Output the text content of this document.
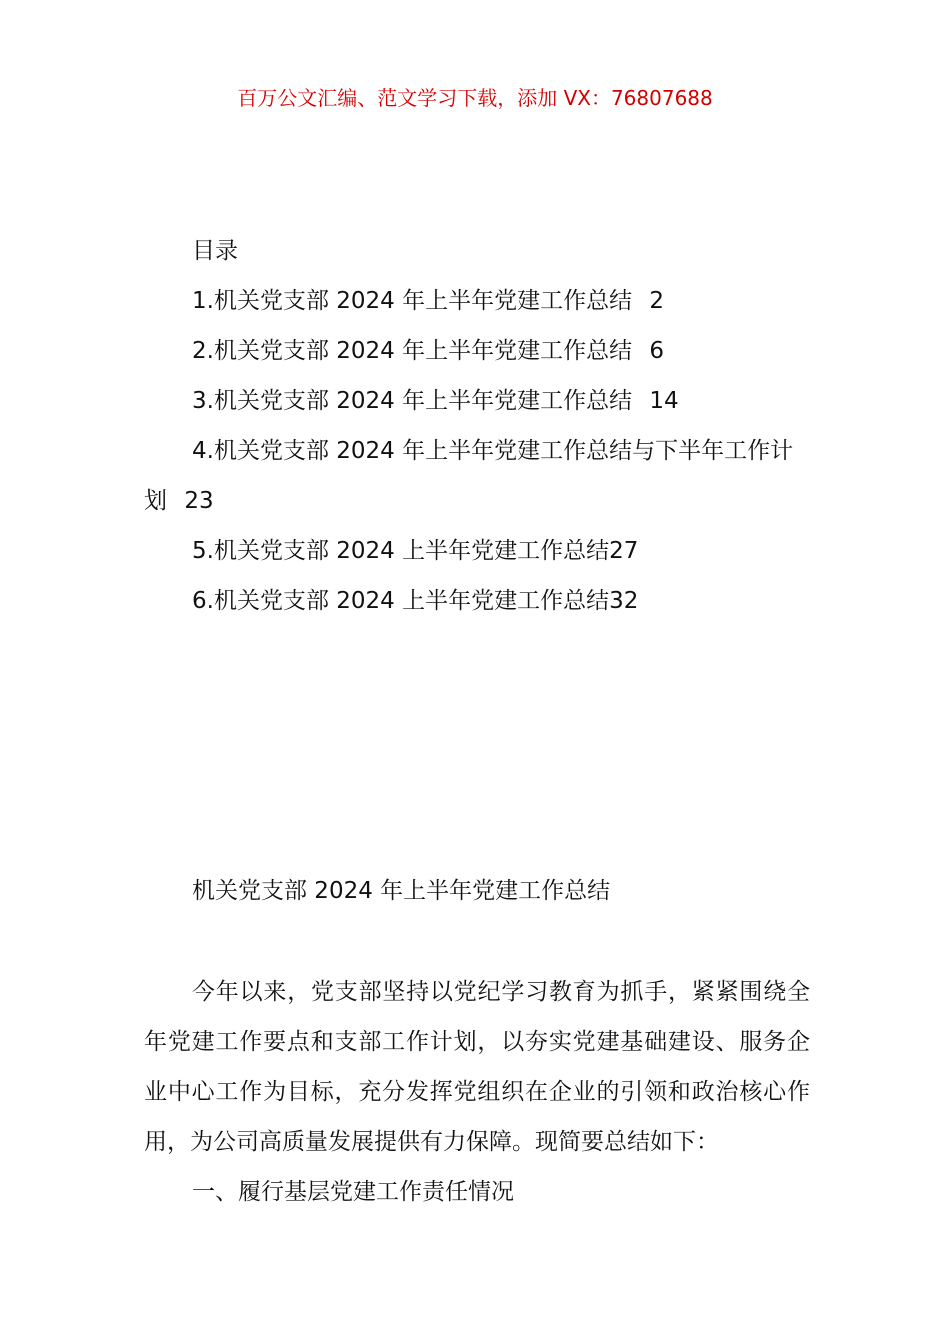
百万公文汇编、范文学习下载，添加 VX：76807688
目录
1.机关党支部 2024 年上半年党建工作总结 2
2.机关党支部 2024 年上半年党建工作总结 6
3.机关党支部 2024 年上半年党建工作总结 14
4.机关党支部 2024 年上半年党建工作总结与下半年工作计划 23
5.机关党支部 2024 上半年党建工作总结27
6.机关党支部 2024 上半年党建工作总结32
机关党支部 2024 年上半年党建工作总结

今年以来，党支部坚持以党纪学习教育为抓手，紧紧围绕全年党建工作要点和支部工作计划，以夯实党建基础建设、服务企业中心工作为目标，充分发挥党组织在企业的引领和政治核心作用，为公司高质量发展提供有力保障。现简要总结如下：

一、履行基层党建工作责任情况
